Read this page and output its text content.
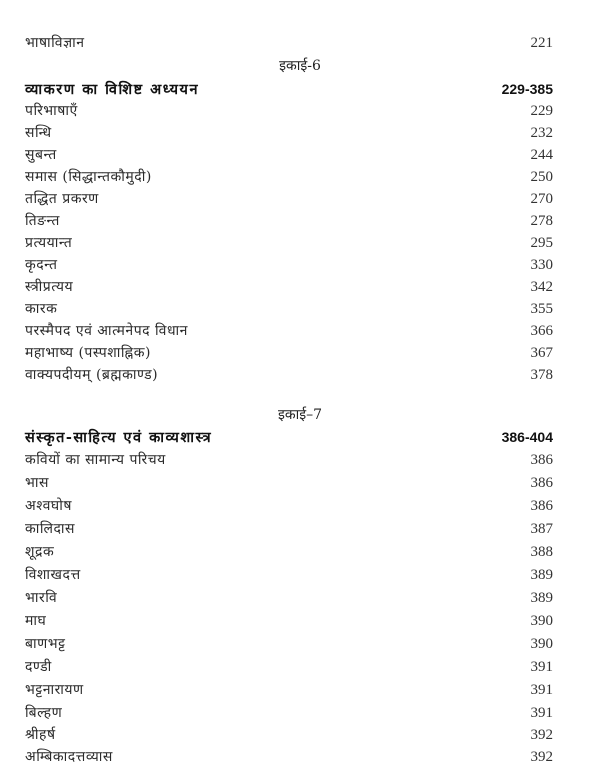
भाषाविज्ञान	221
इकाई-6
व्याकरण का विशिष्ट अध्ययन	229-385
परिभाषाएँ	229
सन्धि	232
सुबन्त	244
समास (सिद्धान्तकौमुदी)	250
तद्धित प्रकरण	270
तिङन्त	278
प्रत्ययान्त	295
कृदन्त	330
स्त्रीप्रत्यय	342
कारक	355
परस्मैपद एवं आत्मनेपद विधान	366
महाभाष्य (पस्पशाह्निक)	367
वाक्यपदीयम् (ब्रह्मकाण्ड)	378
इकाई–7
संस्कृत-साहित्य एवं काव्यशास्त्र	386-404
कवियों का सामान्य परिचय	386
भास	386
अश्वघोष	386
कालिदास	387
शूद्रक	388
विशाखदत्त	389
भारवि	389
माघ	390
बाणभट्ट	390
दण्डी	391
भट्टनारायण	391
बिल्हण	391
श्रीहर्ष	392
अम्बिकादत्तव्यास	392
